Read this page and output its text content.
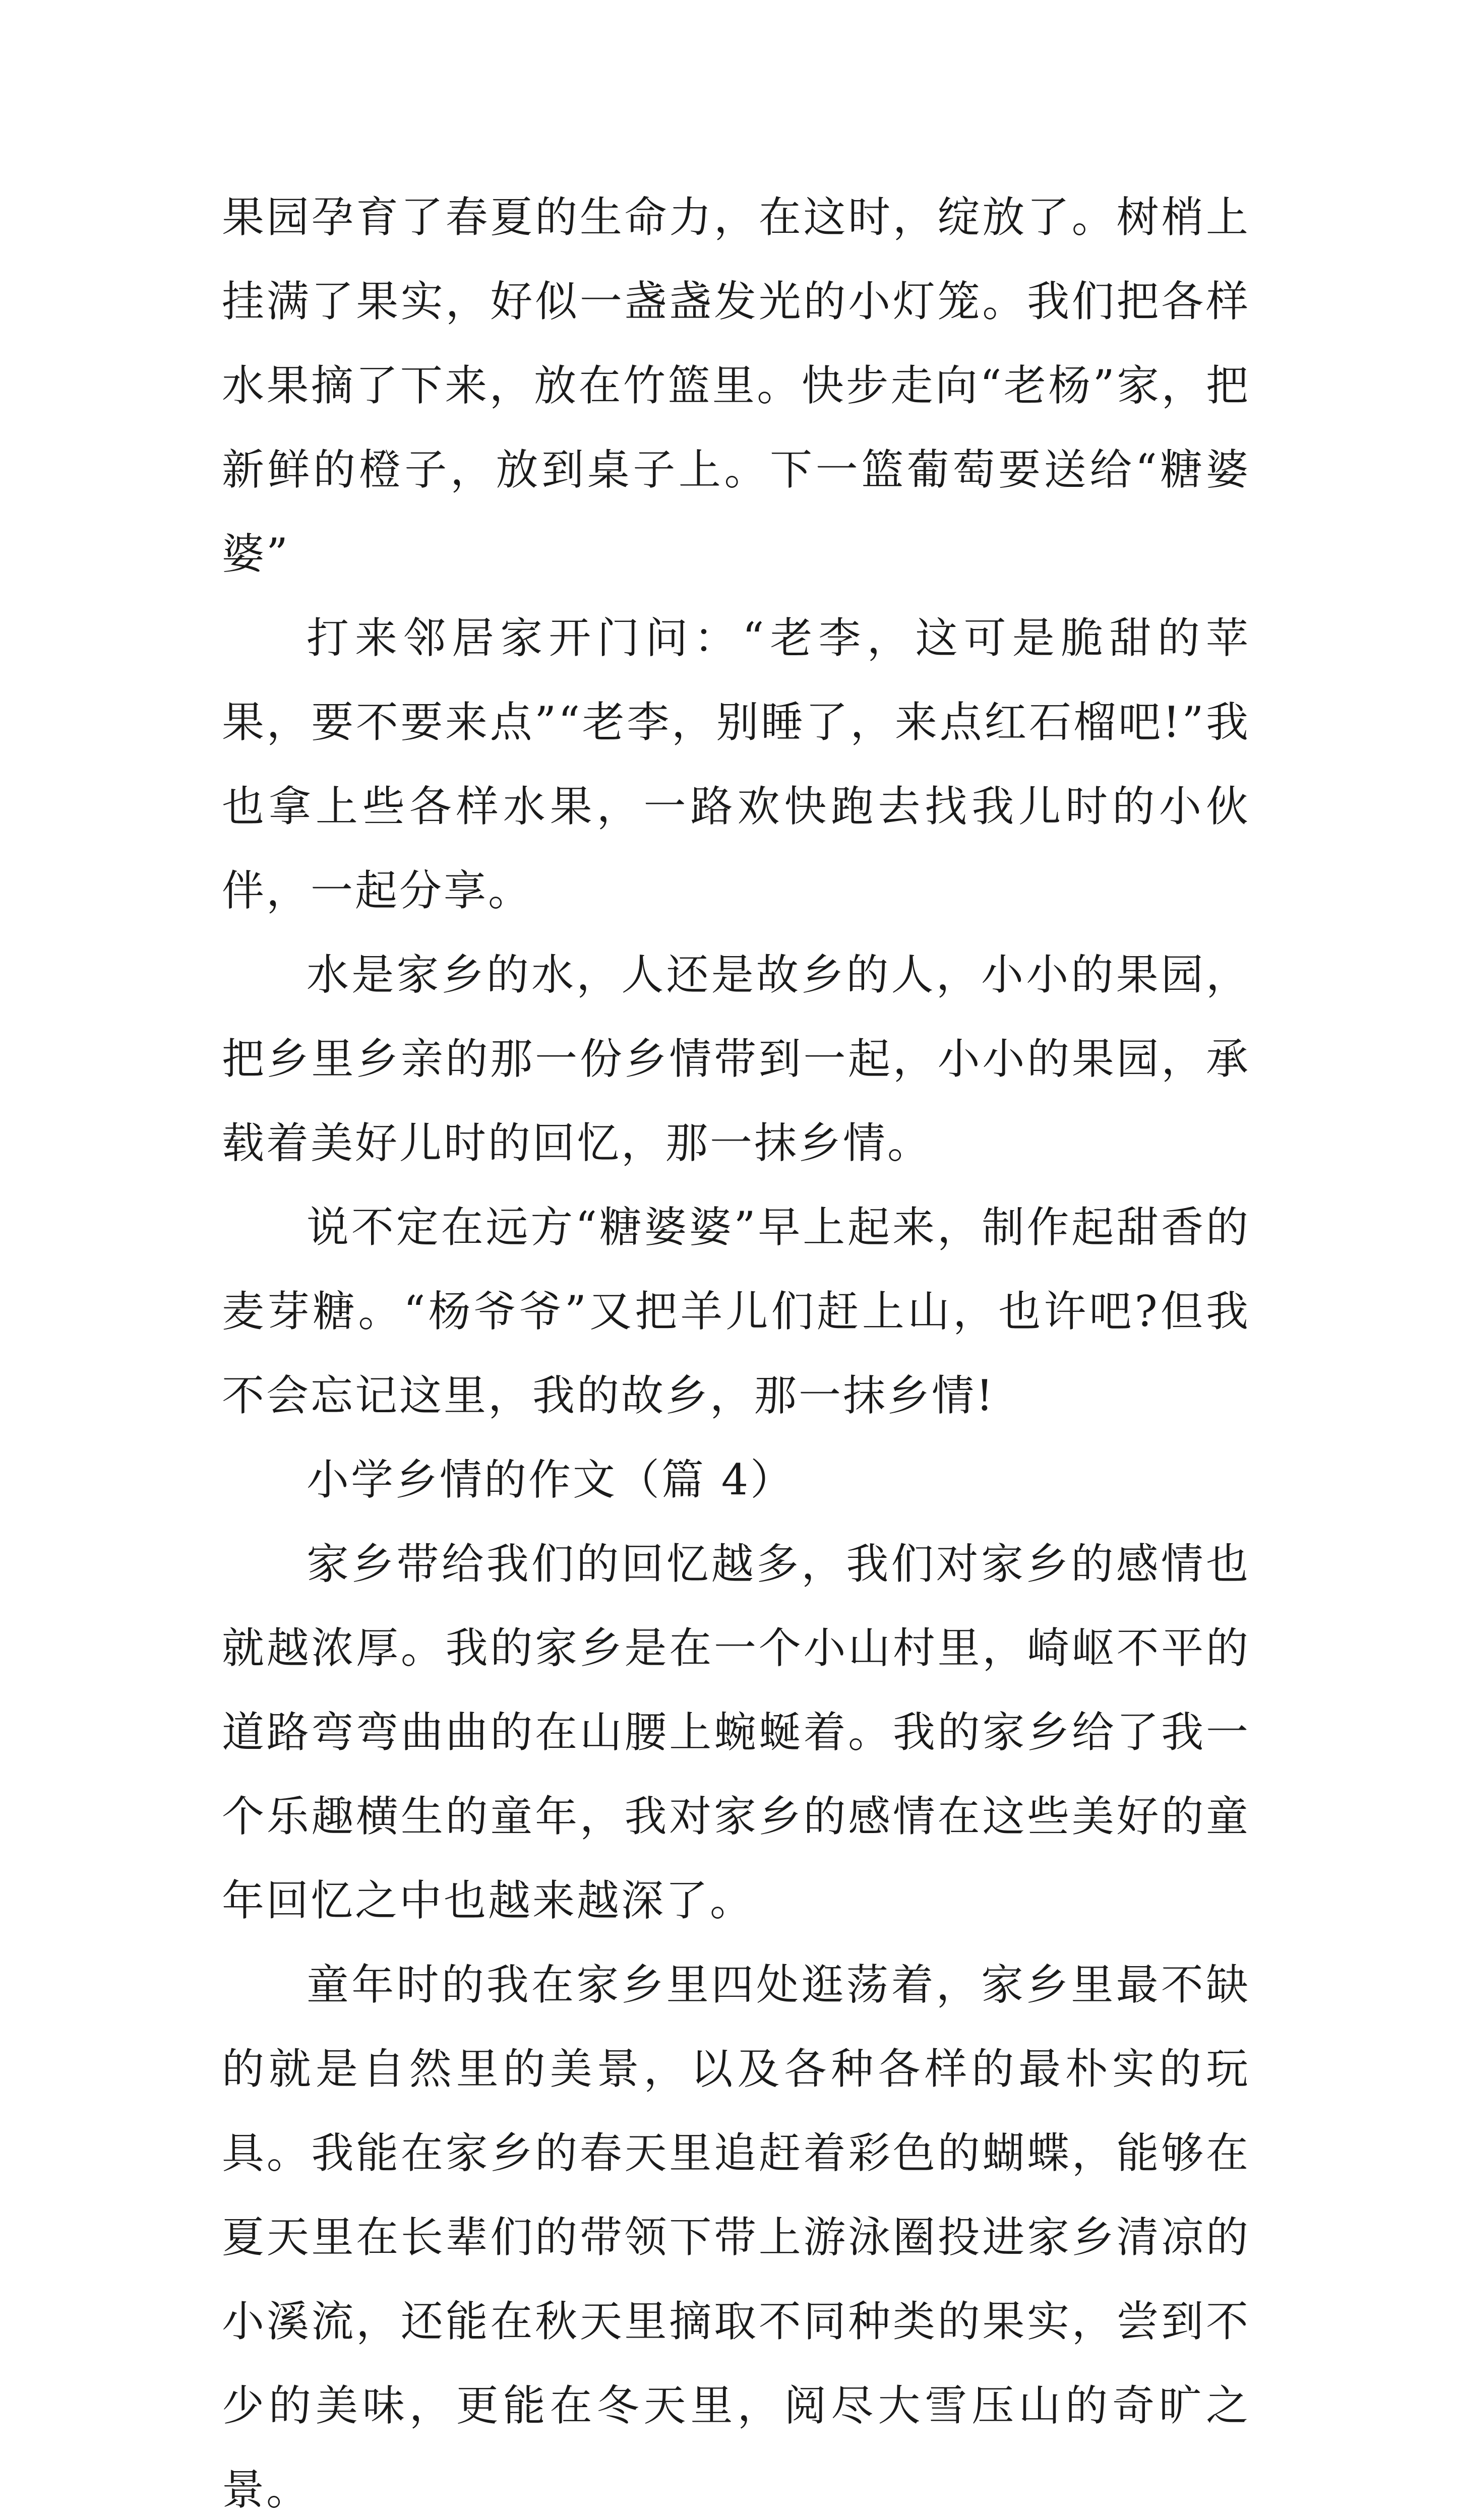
果园孕育了春夏的生命力，在这时，绽放了。树梢上挂满了果实，好似一盏盏发光的小灯笼。我们把各样水果摘了下来，放在竹篮里。快步走向“老杨”家，把新鲜的橙子，放到桌子上。下一篮葡萄要送给“糖婆婆”

打来邻居家开门问：“老李，这可是脆甜的苹果，要不要来点”“老李，别睡了，来点红石榴吧!”我也拿上些各样水果，一路欢快跑去找我儿时的小伙伴，一起分享。

水是家乡的水，人还是故乡的人，小小的果园，把乡里乡亲的那一份乡情带到一起，小小的果园，承载着美好儿时的回忆，那一抹乡情。

说不定在远方“糖婆婆”早上起来，制作起甜香的麦芽糖。“杨爷爷”又把羊儿们赶上山，也许吧?但我不会忘记这里，我的故乡，那一抹乡情!

小学乡情的作文（篇 4）

家乡带给我们的回忆越多，我们对家乡的感情也就越浓厚。我的家乡是在一个小山村里，崎岖不平的道路弯弯曲曲的在山腰上蜿蜒着。我的家乡给了我一个乐趣横生的童年，我对家乡的感情在这些美好的童年回忆之中也越来越深了。

童年时的我在家乡里四处逛荡着，家乡里最不缺的就是自然里的美景，以及各种各样的最朴实的玩具。我能在家乡的春天里追赶着彩色的蝴蝶，能够在夏天里在长辈们的带领下带上游泳圈投进家乡清凉的小溪流，还能在秋天里摘取不同种类的果实，尝到不少的美味，更能在冬天里，阅尽大雪压山的奇旷之景。
